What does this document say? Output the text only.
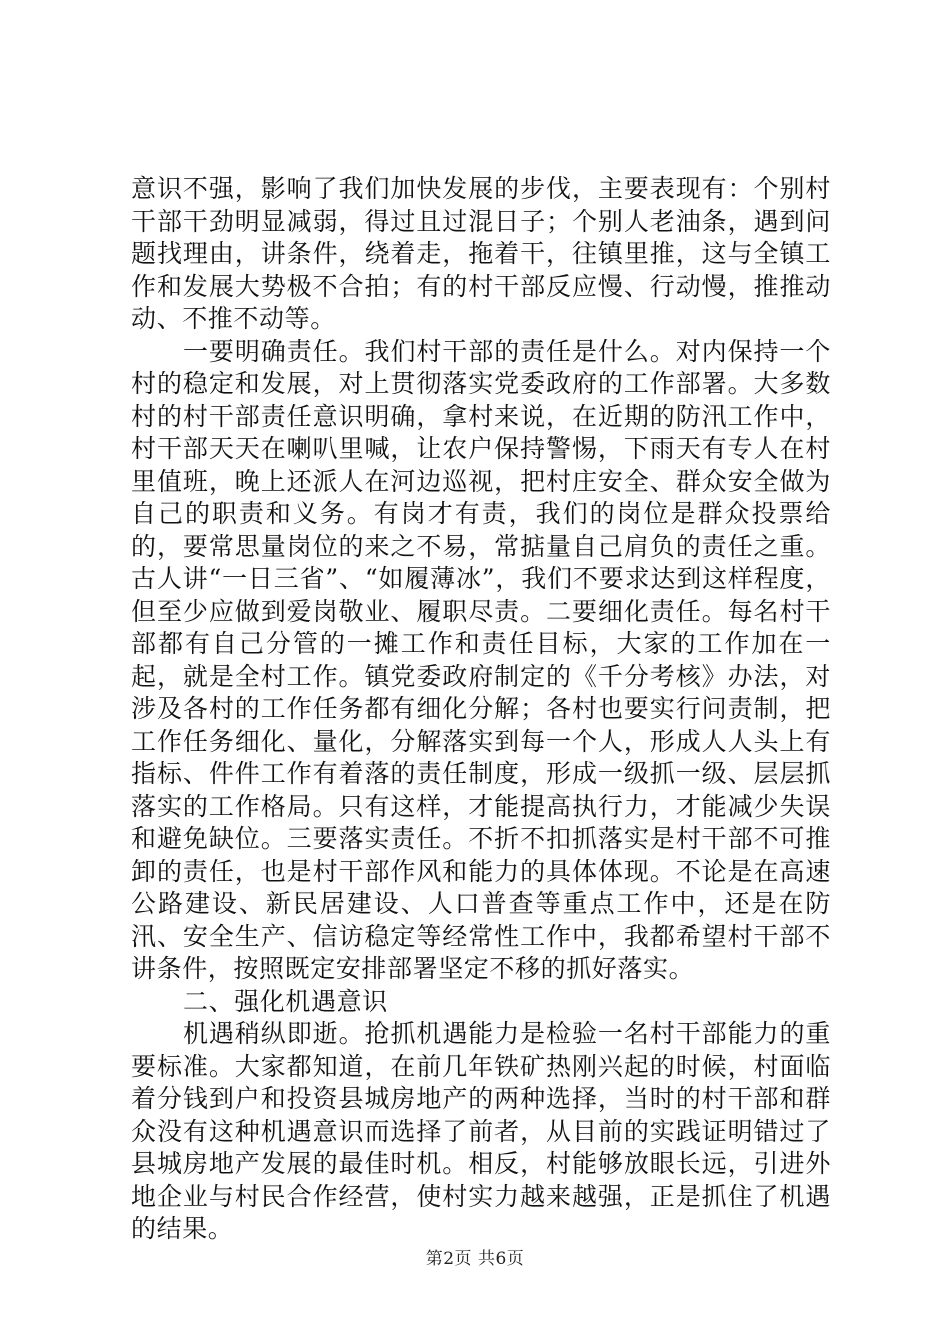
意识不强，影响了我们加快发展的步伐，主要表现有：个别村干部干劲明显减弱，得过且过混日子；个别人老油条，遇到问题找理由，讲条件，绕着走，拖着干，往镇里推，这与全镇工作和发展大势极不合拍；有的村干部反应慢、行动慢，推推动动、不推不动等。

一要明确责任。我们村干部的责任是什么。对内保持一个村的稳定和发展，对上贯彻落实党委政府的工作部署。大多数村的村干部责任意识明确，拿村来说，在近期的防汛工作中，村干部天天在喇叭里喊，让农户保持警惕，下雨天有专人在村里值班，晚上还派人在河边巡视，把村庄安全、群众安全做为自己的职责和义务。有岗才有责，我们的岗位是群众投票给的，要常思量岗位的来之不易，常掂量自己肩负的责任之重。古人讲“一日三省”、“如履薄冰”，我们不要求达到这样程度，但至少应做到爱岗敬业、履职尽责。二要细化责任。每名村干部都有自己分管的一摊工作和责任目标，大家的工作加在一起，就是全村工作。镇党委政府制定的《千分考核》办法，对涉及各村的工作任务都有细化分解；各村也要实行问责制，把工作任务细化、量化，分解落实到每一个人，形成人人头上有指标、件件工作有着落的责任制度，形成一级抓一级、层层抓落实的工作格局。只有这样，才能提高执行力，才能减少失误和避免缺位。三要落实责任。不折不扣抓落实是村干部不可推卸的责任，也是村干部作风和能力的具体体现。不论是在高速公路建设、新民居建设、人口普查等重点工作中，还是在防汛、安全生产、信访稳定等经常性工作中，我都希望村干部不讲条件，按照既定安排部署坚定不移的抓好落实。

二、强化机遇意识

机遇稍纵即逝。抢抓机遇能力是检验一名村干部能力的重要标准。大家都知道，在前几年铁矿热刚兴起的时候，村面临着分钱到户和投资县城房地产的两种选择，当时的村干部和群众没有这种机遇意识而选择了前者，从目前的实践证明错过了县城房地产发展的最佳时机。相反，村能够放眼长远，引进外地企业与村民合作经营，使村实力越来越强，正是抓住了机遇的结果。

第2页 共6页
